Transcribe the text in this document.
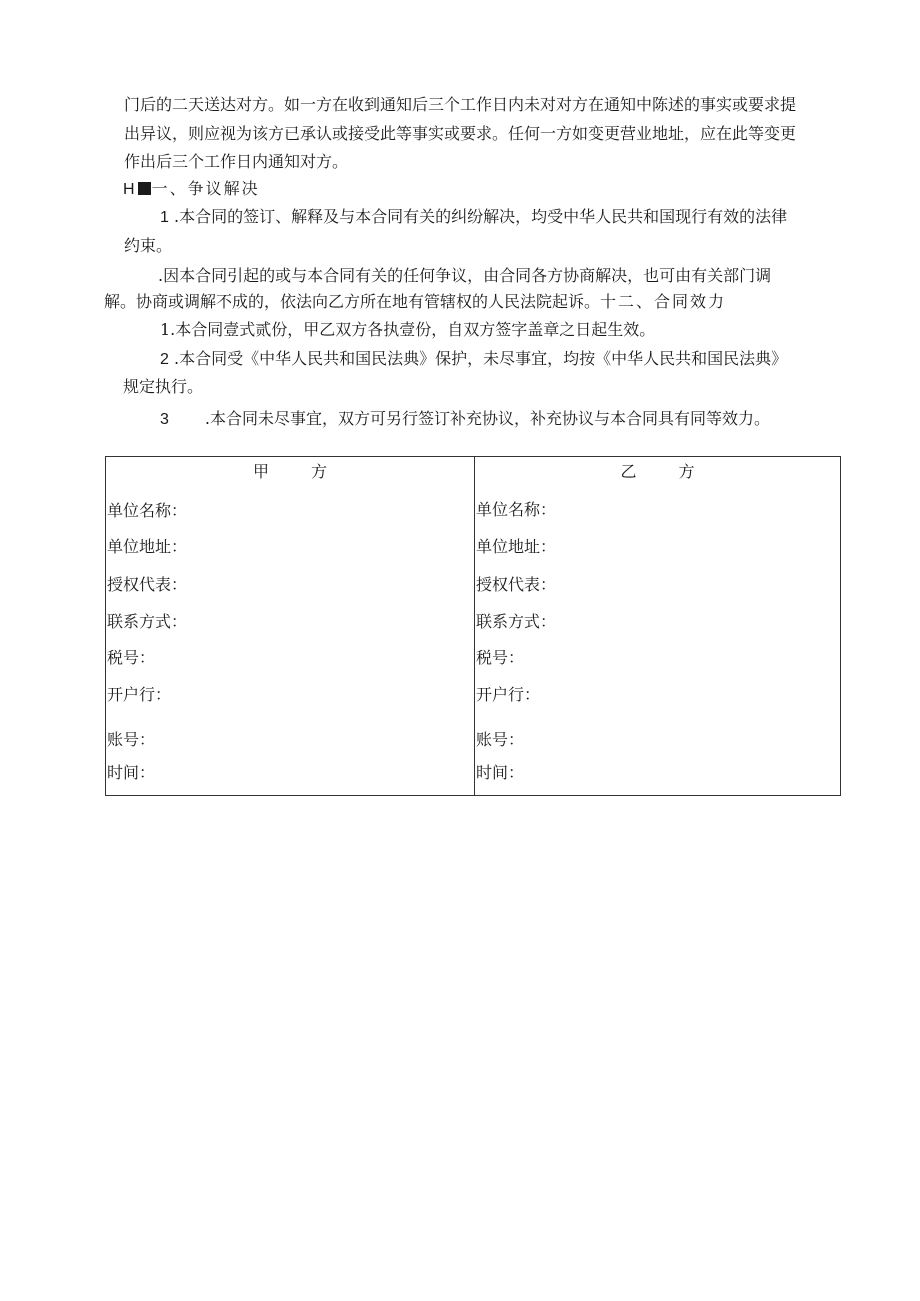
门后的二天送达对方。如一方在收到通知后三个工作日内未对对方在通知中陈述的事实或要求提
出异议，则应视为该方已承认或接受此等事实或要求。任何一方如变更营业地址，应在此等变更
作出后三个工作日内通知对方。
H 一、争议解决
1 .本合同的签订、解释及与本合同有关的纠纷解决，均受中华人民共和国现行有效的法律
约束。
.因本合同引起的或与本合同有关的任何争议，由合同各方协商解决，也可由有关部门调
解。协商或调解不成的，依法向乙方所在地有管辖权的人民法院起诉。十二、合同效力
1.本合同壹式贰份，甲乙双方各执壹份，自双方签字盖章之日起生效。
2 .本合同受《中华人民共和国民法典》保护，未尽事宜，均按《中华人民共和国民法典》
规定执行。
3 .本合同未尽事宜，双方可另行签订补充协议，补充协议与本合同具有同等效力。
甲	方
单位名称：
单位地址：
授权代表：
联系方式：
税号：
开户行：
账号：
时间：

乙	方
单位名称：
单位地址：
授权代表：
联系方式：
税号：
开户行：
账号：
时间：
